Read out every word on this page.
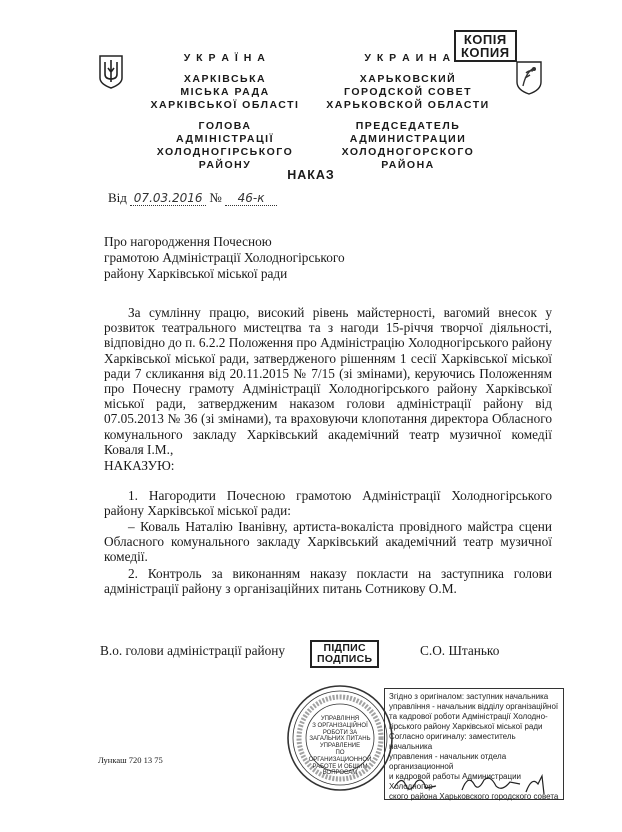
У К Р А Ї Н А
ХАРКІВСЬКА
МІСЬКА РАДА
ХАРКІВСЬКОЇ ОБЛАСТІ
ГОЛОВА АДМІНІСТРАЦІЇ
ХОЛОДНОГІРСЬКОГО РАЙОНУ
У К Р А И Н А
ХАРЬКОВСКИЙ
ГОРОДСКОЙ СОВЕТ
ХАРЬКОВСКОЙ ОБЛАСТИ
ПРЕДСЕДАТЕЛЬ АДМИНИСТРАЦИИ
ХОЛОДНОГОРСКОГО РАЙОНА
КОПІЯ
КОПИЯ
НАКАЗ
Від 07.03.2016 № 46-к
Про нагородження Почесною
грамотою Адміністрації Холодногірського
району Харківської міської ради
За сумлінну працю, високий рівень майстерності, вагомий внесок у розвиток театрального мистецтва та з нагоди 15-річчя творчої діяльності, відповідно до п. 6.2.2 Положення про Адміністрацію Холодногірського району Харківської міської ради, затвердженого рішенням 1 сесії Харківської міської ради 7 скликання від 20.11.2015 № 7/15 (зі змінами), керуючись Положенням про Почесну грамоту Адміністрації Холодногірського району Харківської міської ради, затвердженим наказом голови адміністрації району від 07.05.2013 № 36 (зі змінами), та враховуючи клопотання директора Обласного комунального закладу Харківський академічний театр музичної комедії Коваля І.М.,
НАКАЗУЮ:
1. Нагородити Почесною грамотою Адміністрації Холодногірського району Харківської міської ради:
– Коваль Наталію Іванівну, артиста-вокаліста провідного майстра сцени Обласного комунального закладу Харківський академічний театр музичної комедії.
2. Контроль за виконанням наказу покласти на заступника голови адміністрації району з організаційних питань Сотникову О.М.
В.о. голови адміністрації району	ПІДПИС
ПОДПИСЬ
С.О. Штанько
УПРАВЛІННЯ
З ОРГАНІЗАЦІЙНОЇ
РОБОТИ ЗА
ЗАГАЛЬНИХ ПИТАНЬ
УПРАВЛЕНИЕ
ПО ОРГАНИЗАЦИОННОЙ
РАБОТЕ И ОБЩИМ
ВОПРОСАМ
Згідно з оригіналом: заступник начальника
управління - начальник відділу організаційної
та кадрової роботи Адміністрації Холодно-
гірського району Харківської міської ради
Согласно оригиналу: заместитель начальника
управления - начальник отдела организационной
и кадровой работы Администрации Холодногор-
ского района Харьковского городского совета
Лункаш 720 13 75
